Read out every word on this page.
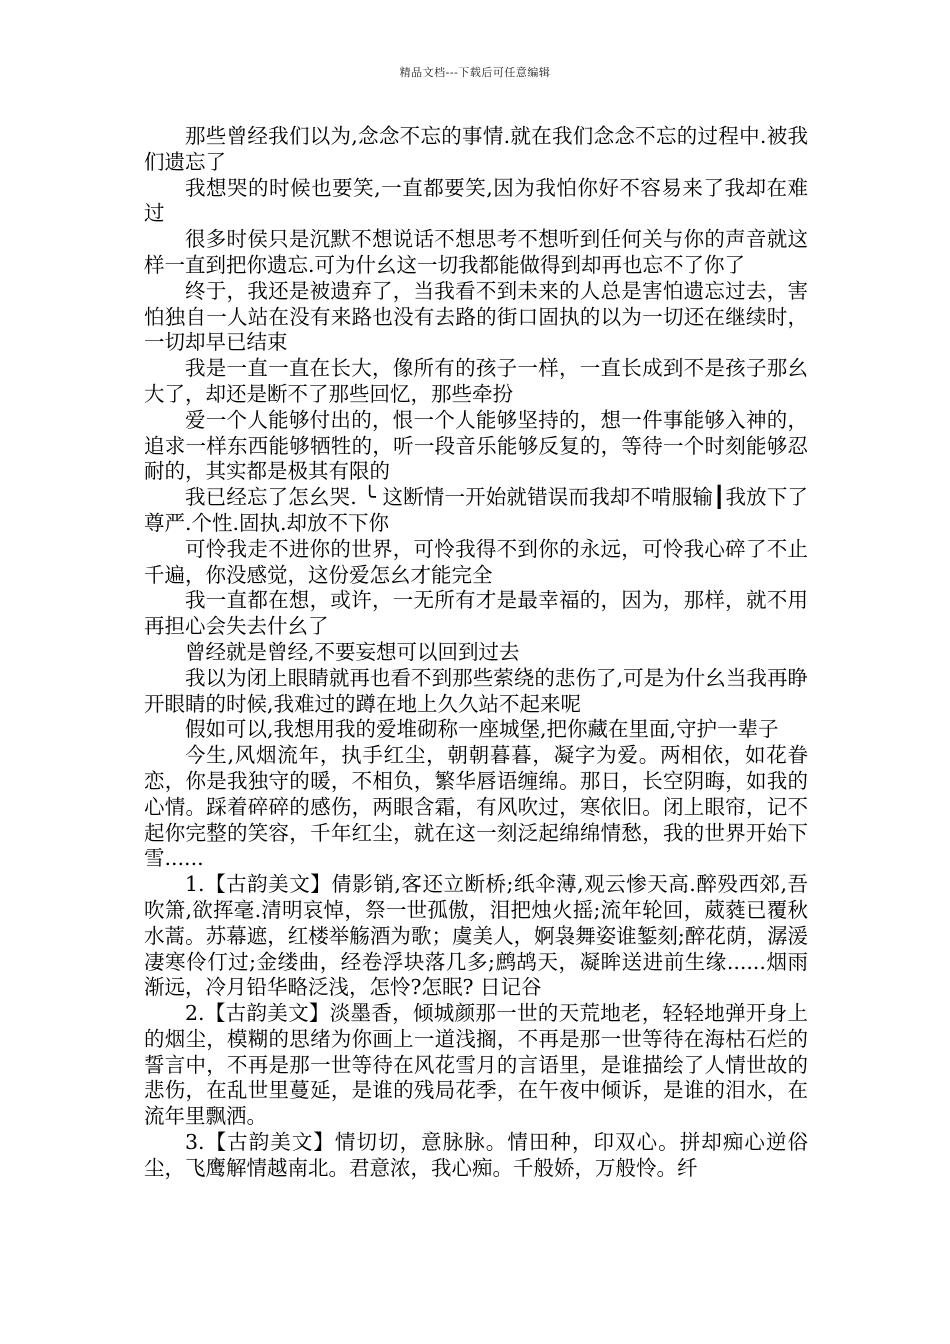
精品文档---下载后可任意编辑

那些曾经我们以为,念念不忘的事情.就在我们念念不忘的过程中.被我们遗忘了

我想哭的时候也要笑,一直都要笑,因为我怕你好不容易来了我却在难过

很多时侯只是沉默不想说话不想思考不想听到任何关与你的声音就这样一直到把你遗忘.可为什幺这一切我都能做得到却再也忘不了你了

终于，我还是被遗弃了，当我看不到未来的人总是害怕遗忘过去，害怕独自一人站在没有来路也没有去路的街口固执的以为一切还在继续时，一切却早已结束

我是一直一直在长大，像所有的孩子一样，一直长成到不是孩子那幺大了，却还是断不了那些回忆，那些牵扮

爱一个人能够付出的，恨一个人能够坚持的，想一件事能够入神的，追求一样东西能够牺牲的，听一段音乐能够反复的，等待一个时刻能够忍耐的，其实都是极其有限的

我已经忘了怎幺哭. ╰ 这断情一开始就错误而我却不啃服输┃我放下了尊严.个性.固执.却放不下你

可怜我走不进你的世界，可怜我得不到你的永远，可怜我心碎了不止千遍，你没感觉，这份爱怎幺才能完全

我一直都在想，或许，一无所有才是最幸福的，因为，那样，就不用再担心会失去什幺了

曾经就是曾经,不要妄想可以回到过去

我以为闭上眼睛就再也看不到那些萦绕的悲伤了,可是为什幺当我再睁开眼睛的时候,我难过的蹲在地上久久站不起来呢

假如可以,我想用我的爱堆砌称一座城堡,把你藏在里面,守护一辈子

今生,风烟流年，执手红尘，朝朝暮暮，凝字为爱。两相依，如花眷恋，你是我独守的暖，不相负，繁华唇语缠绵。那日，长空阴晦，如我的心情。踩着碎碎的感伤，两眼含霜，有风吹过，寒依旧。闭上眼帘，记不起你完整的笑容，千年红尘，就在这一刻泛起绵绵情愁，我的世界开始下雪......

1.【古韵美文】倩影销,客还立断桥;纸伞薄,观云惨天高.醉殁西郊,吾吹箫,欲挥毫.清明哀悼，祭一世孤傲，泪把烛火摇;流年轮回，葳蕤已覆秋水蒿。苏幕遮，红楼举觞酒为歌；虞美人，婀袅舞姿谁錾刻;醉花荫，潺湲凄寒伶仃过;金缕曲，经卷浮块落几多;鹧鸪天，凝眸送进前生缘......烟雨渐远，冷月铅华略泛浅，怎怜?怎眠? 日记谷

2.【古韵美文】淡墨香，倾城颜那一世的天荒地老，轻轻地弹开身上的烟尘，模糊的思绪为你画上一道浅搁，不再是那一世等待在海枯石烂的誓言中，不再是那一世等待在风花雪月的言语里，是谁描绘了人情世故的悲伤，在乱世里蔓延，是谁的残局花季，在午夜中倾诉，是谁的泪水，在流年里飘洒。

3.【古韵美文】情切切，意脉脉。情田种，印双心。拼却痴心逆俗尘，飞鹰解情越南北。君意浓，我心痴。千般娇，万般怜。纤
